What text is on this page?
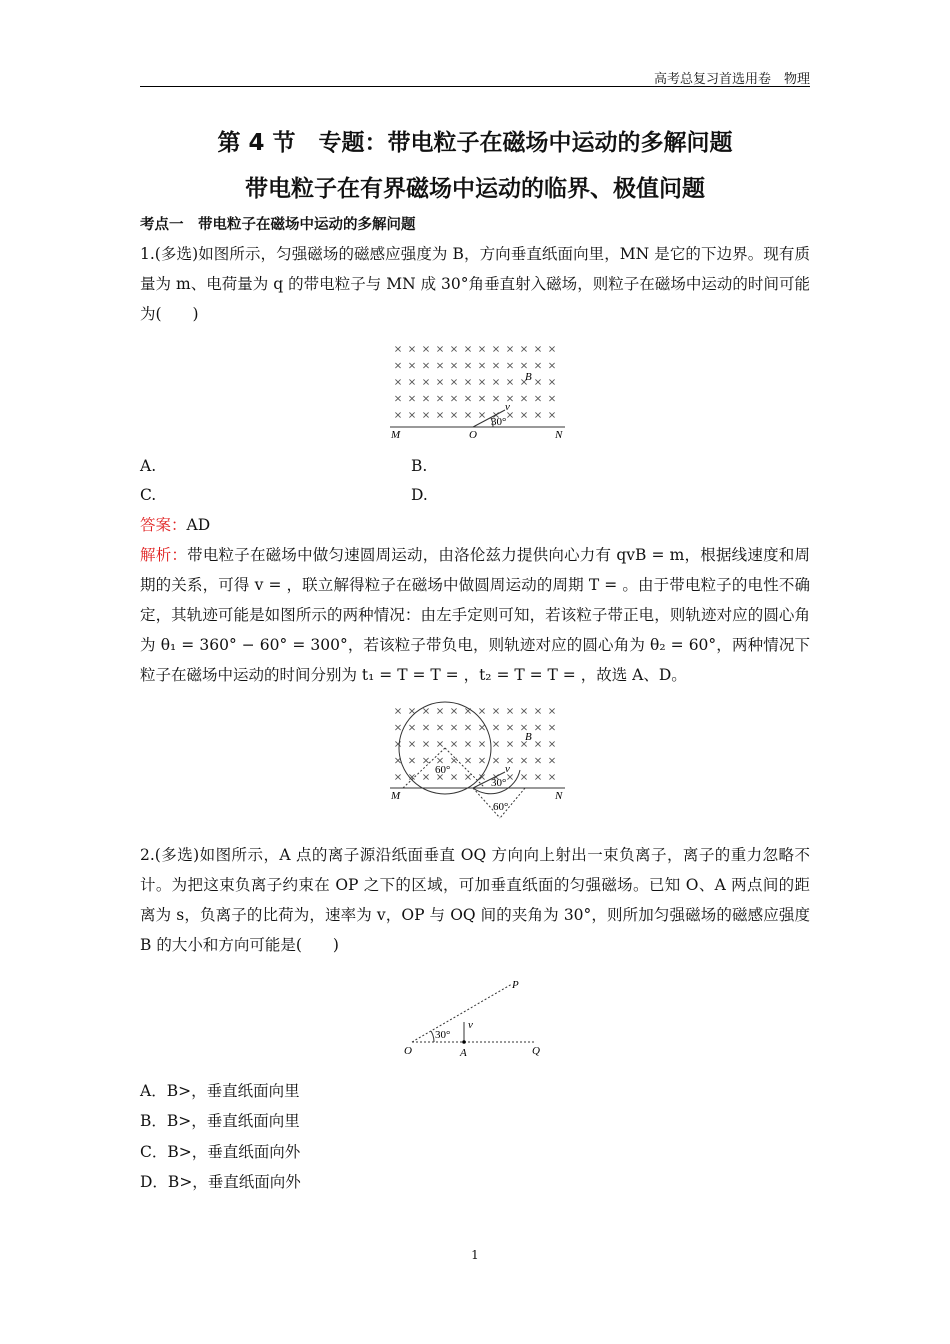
高考总复习首选用卷　物理
第 4 节　专题：带电粒子在磁场中运动的多解问题
带电粒子在有界磁场中运动的临界、极值问题
考点一　带电粒子在磁场中运动的多解问题
1.(多选)如图所示，匀强磁场的磁感应强度为 B，方向垂直纸面向里，MN 是它的下边界。现有质量为 m、电荷量为 q 的带电粒子与 MN 成 30°角垂直射入磁场，则粒子在磁场中运动的时间可能为(　　)
B
v
30°
M	O	N
A.	B.
C.	D.
答案：AD
解析：带电粒子在磁场中做匀速圆周运动，由洛伦兹力提供向心力有 qvB = m，根据线速度和周期的关系，可得 v = ，联立解得粒子在磁场中做圆周运动的周期 T = 。由于带电粒子的电性不确定，其轨迹可能是如图所示的两种情况：由左手定则可知，若该粒子带正电，则轨迹对应的圆心角为 θ₁ = 360° − 60° = 300°，若该粒子带负电，则轨迹对应的圆心角为 θ₂ = 60°，两种情况下粒子在磁场中运动的时间分别为 t₁ = T = T = ，t₂ = T = T = ，故选 A、D。
B
v
60°
30°
60°
M	N
2.(多选)如图所示，A 点的离子源沿纸面垂直 OQ 方向向上射出一束负离子，离子的重力忽略不计。为把这束负离子约束在 OP 之下的区域，可加垂直纸面的匀强磁场。已知 O、A 两点间的距离为 s，负离子的比荷为，速率为 v，OP 与 OQ 间的夹角为 30°，则所加匀强磁场的磁感应强度 B 的大小和方向可能是(　　)
P
O	A	Q
v
30°
A．B>，垂直纸面向里
B．B>，垂直纸面向里
C．B>，垂直纸面向外
D．B>，垂直纸面向外
1
